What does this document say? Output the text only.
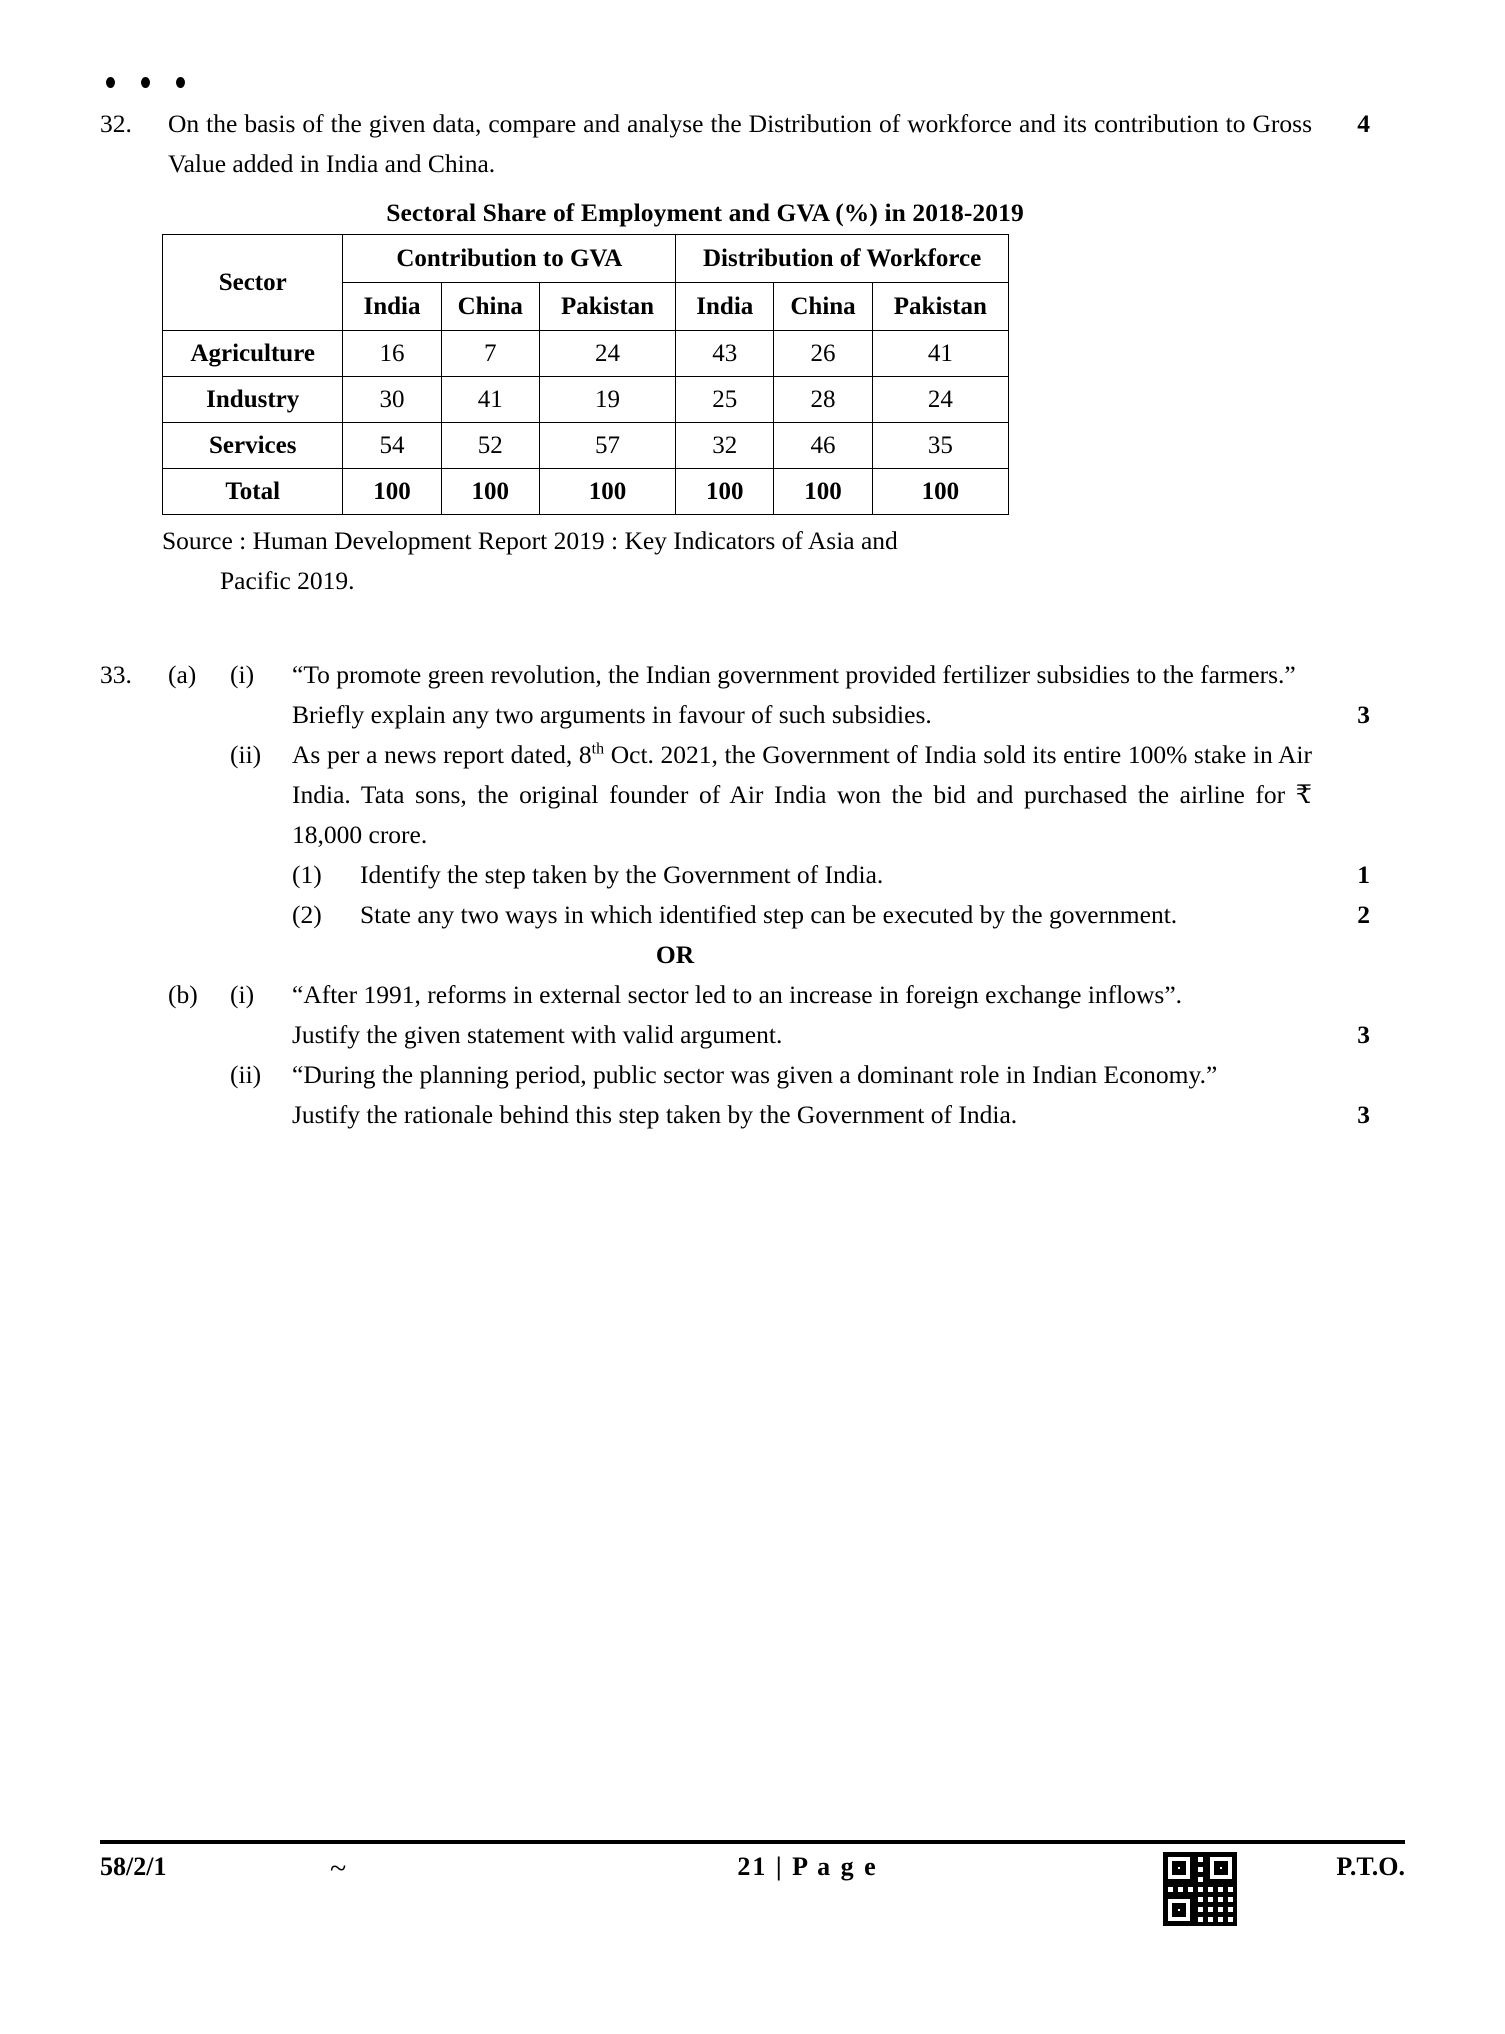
32.	On the basis of the given data, compare and analyse the Distribution of workforce and its contribution to Gross Value added in India and China.
4
Sectoral Share of Employment and GVA (%) in 2018-2019
Sector	Contribution to GVA			Distribution of Workforce		
	India	China	Pakistan	India	China	Pakistan
Agriculture	16	7	24	43	26	41
Industry	30	41	19	25	28	24
Services	54	52	57	32	46	35
Total	100	100	100	100	100	100
Source : Human Development Report 2019 : Key Indicators of Asia and
Pacific 2019.
33.	(a)	(i)	“To promote green revolution, the Indian government provided fertilizer subsidies to the farmers.”
Briefly explain any two arguments in favour of such subsidies.	3
(ii)	As per a news report dated, 8th Oct. 2021, the Government of India sold its entire 100% stake in Air India. Tata sons, the original founder of Air India won the bid and purchased the airline for ₹ 18,000 crore.
(1)	Identify the step taken by the Government of India.	1
(2)	State any two ways in which identified step can be executed by the government.	2
OR
(b)	(i)	“After 1991, reforms in external sector led to an increase in foreign exchange inflows”.
Justify the given statement with valid argument.	3
(ii)	“During the planning period, public sector was given a dominant role in Indian Economy.”
Justify the rationale behind this step taken by the Government of India.	3
58/2/1	~	21 | P a g e	P.T.O.
